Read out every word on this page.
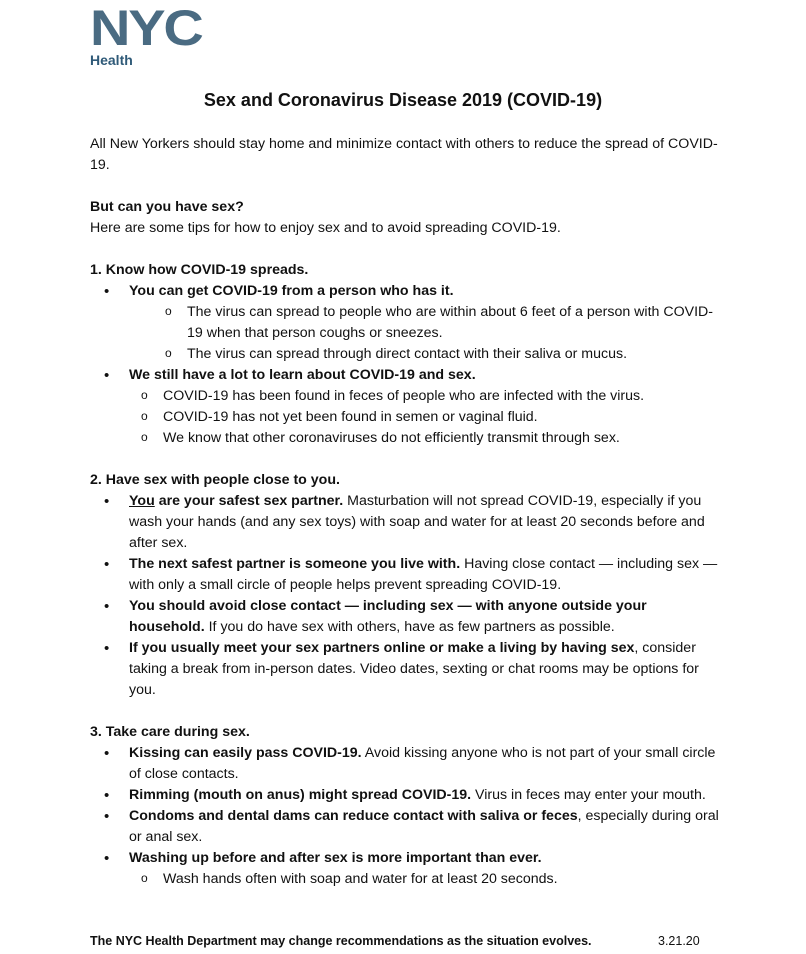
NYC
Health
Sex and Coronavirus Disease 2019 (COVID-19)

All New Yorkers should stay home and minimize contact with others to reduce the spread of COVID-19.

But can you have sex?

Here are some tips for how to enjoy sex and to avoid spreading COVID-19.

1. Know how COVID-19 spreads.

• You can get COVID-19 from a person who has it.
o The virus can spread to people who are within about 6 feet of a person with COVID-19 when that person coughs or sneezes.
o The virus can spread through direct contact with their saliva or mucus.
• We still have a lot to learn about COVID-19 and sex.
o COVID-19 has been found in feces of people who are infected with the virus.
o COVID-19 has not yet been found in semen or vaginal fluid.
o We know that other coronaviruses do not efficiently transmit through sex.

2. Have sex with people close to you.

• You are your safest sex partner. Masturbation will not spread COVID-19, especially if you wash your hands (and any sex toys) with soap and water for at least 20 seconds before and after sex.
• The next safest partner is someone you live with. Having close contact — including sex — with only a small circle of people helps prevent spreading COVID-19.
• You should avoid close contact — including sex — with anyone outside your household. If you do have sex with others, have as few partners as possible.
• If you usually meet your sex partners online or make a living by having sex, consider taking a break from in-person dates. Video dates, sexting or chat rooms may be options for you.

3. Take care during sex.

• Kissing can easily pass COVID-19. Avoid kissing anyone who is not part of your small circle of close contacts.
• Rimming (mouth on anus) might spread COVID-19. Virus in feces may enter your mouth.
• Condoms and dental dams can reduce contact with saliva or feces, especially during oral or anal sex.
• Washing up before and after sex is more important than ever.
o Wash hands often with soap and water for at least 20 seconds.
The NYC Health Department may change recommendations as the situation evolves.	3.21.20
